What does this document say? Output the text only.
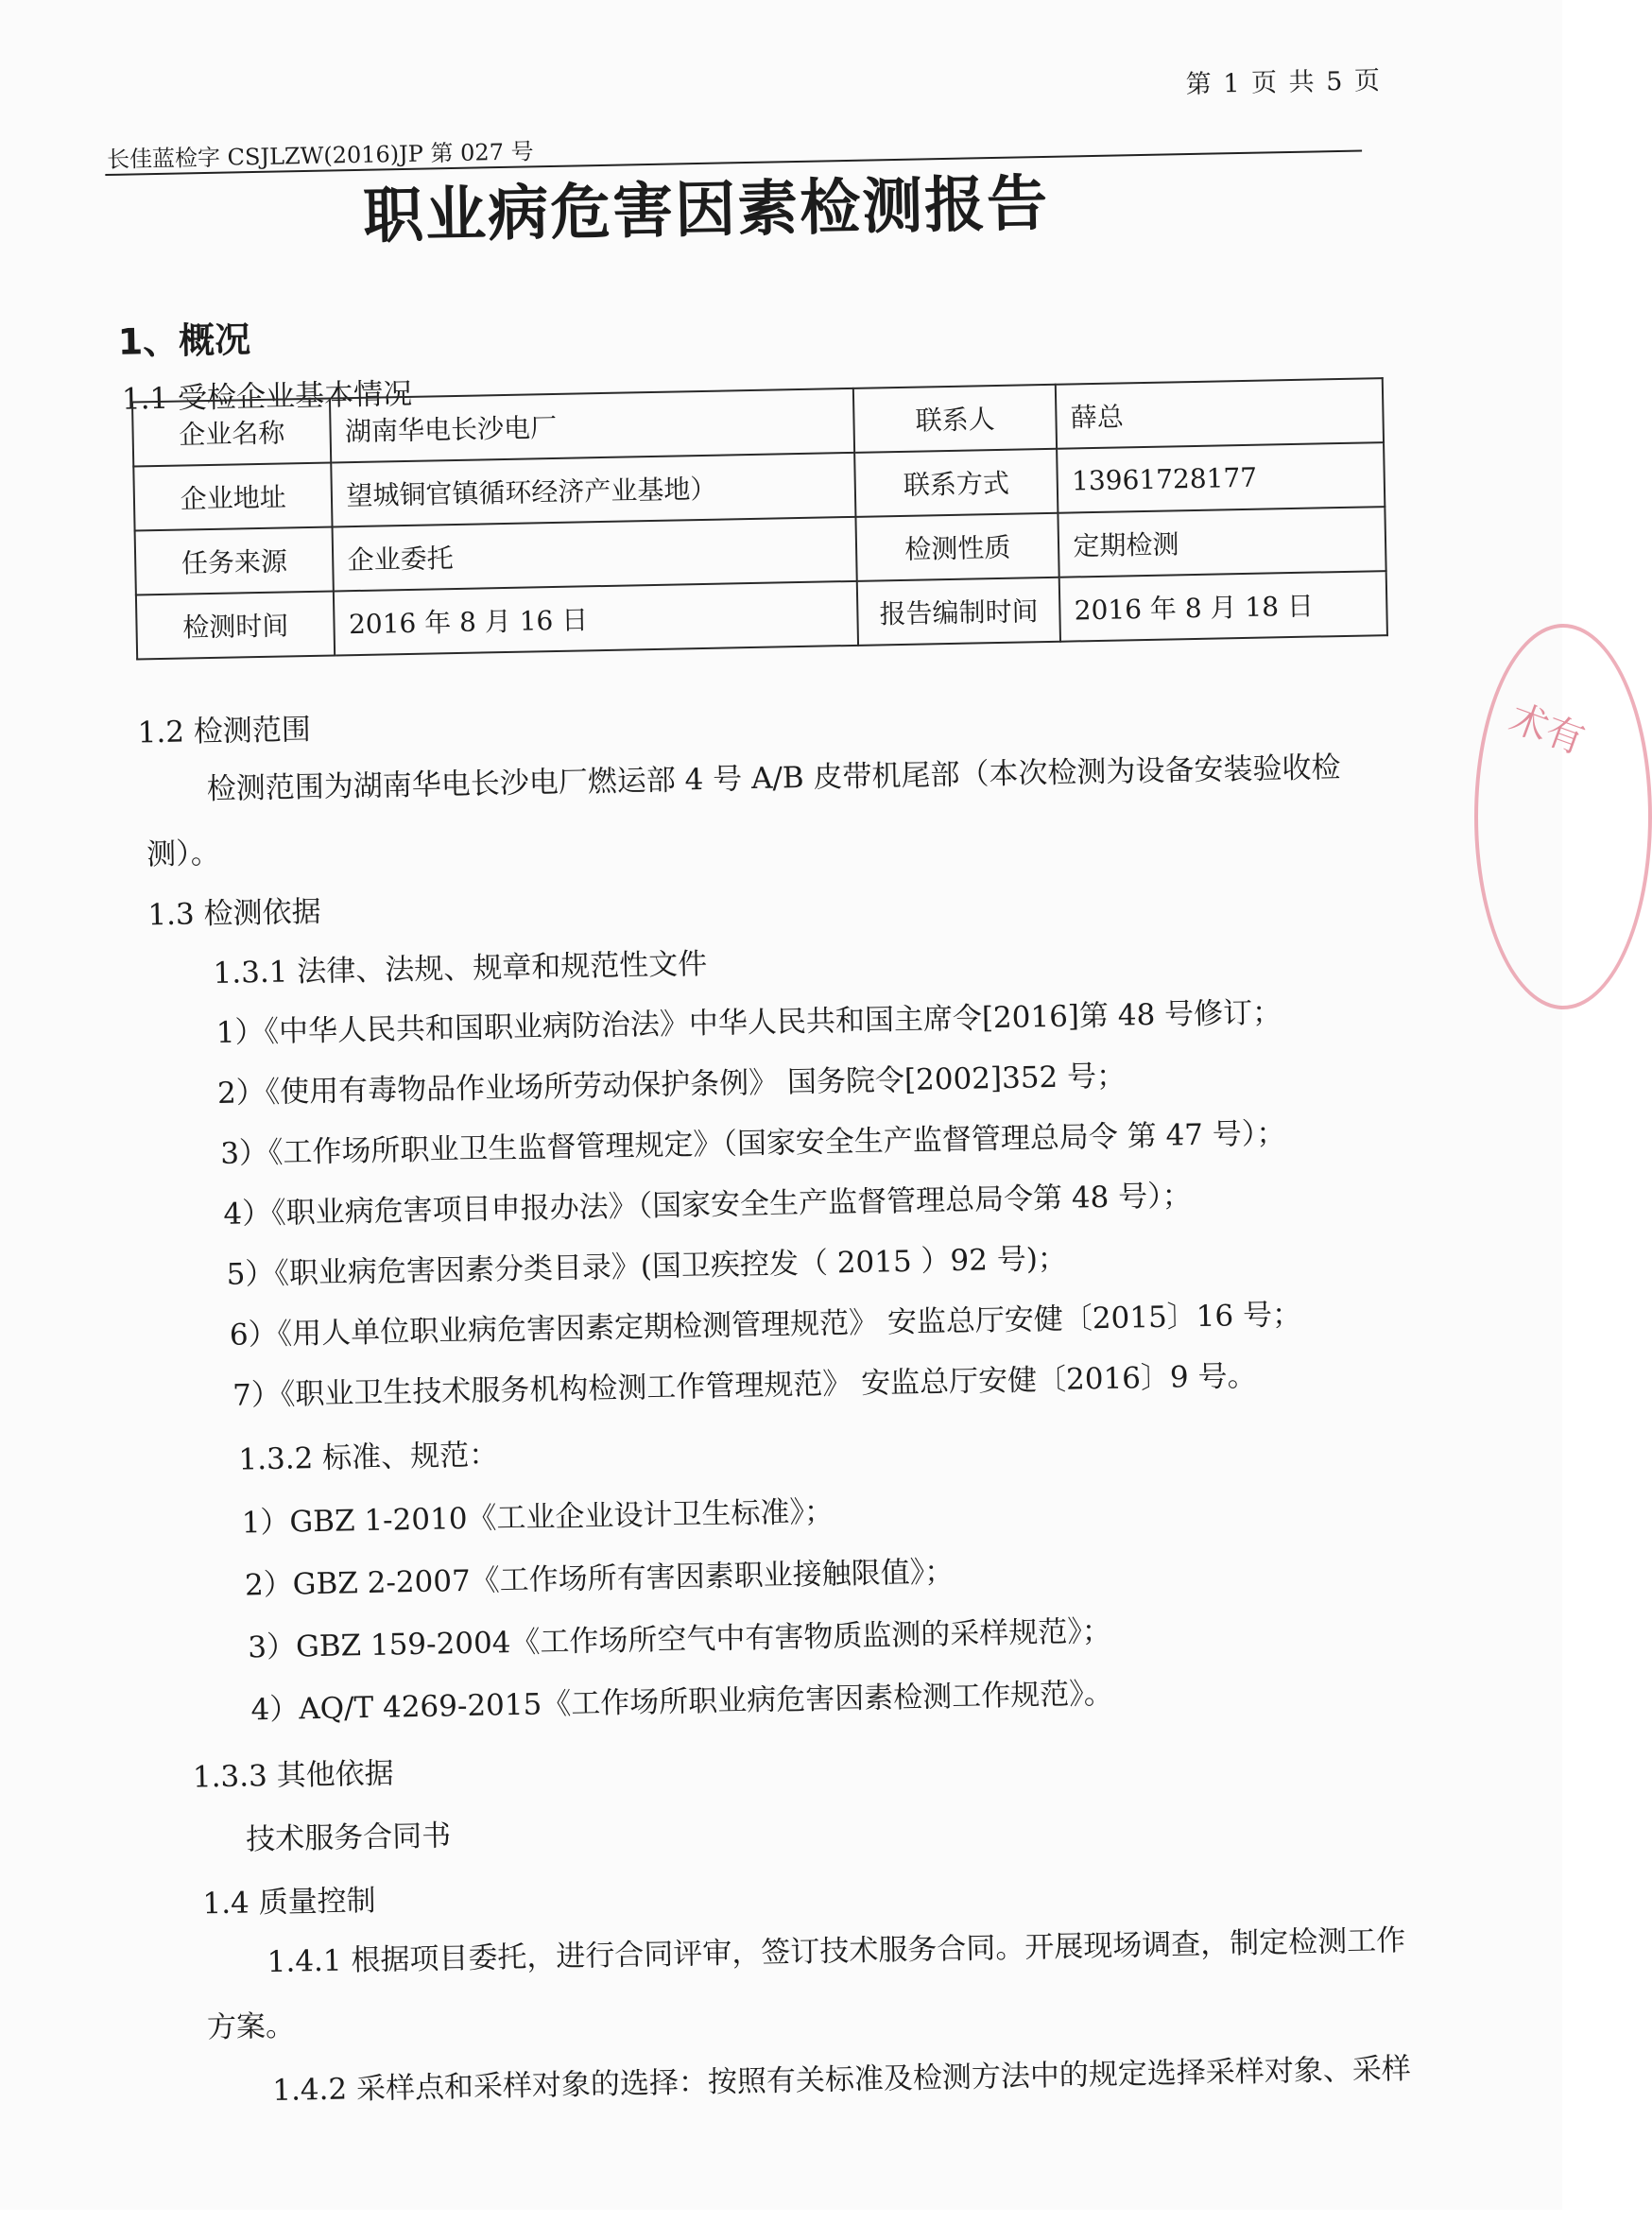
术有
第 1 页 共 5 页
长佳蓝检字 CSJLZW(2016)JP 第 027 号
职业病危害因素检测报告
1、概况
1.1 受检企业基本情况
企业名称	湖南华电长沙电厂	联系人	薛总
企业地址	望城铜官镇循环经济产业基地）	联系方式	13961728177
任务来源	企业委托	检测性质	定期检测
检测时间	2016 年 8 月 16 日	报告编制时间	2016 年 8 月 18 日
1.2 检测范围
检测范围为湖南华电长沙电厂燃运部 4 号 A/B 皮带机尾部（本次检测为设备安装验收检
测）。
1.3 检测依据
1.3.1 法律、法规、规章和规范性文件
1）《中华人民共和国职业病防治法》中华人民共和国主席令[2016]第 48 号修订；
2）《使用有毒物品作业场所劳动保护条例》 国务院令[2002]352 号；
3）《工作场所职业卫生监督管理规定》（国家安全生产监督管理总局令 第 47 号）；
4）《职业病危害项目申报办法》（国家安全生产监督管理总局令第 48 号）；
5）《职业病危害因素分类目录》(国卫疾控发（ 2015 ）92 号)；
6）《用人单位职业病危害因素定期检测管理规范》 安监总厅安健〔2015〕16 号；
7）《职业卫生技术服务机构检测工作管理规范》 安监总厅安健〔2016〕9 号。
1.3.2 标准、规范：
1）GBZ 1-2010《工业企业设计卫生标准》；
2）GBZ 2-2007《工作场所有害因素职业接触限值》；
3）GBZ 159-2004《工作场所空气中有害物质监测的采样规范》；
4）AQ/T 4269-2015《工作场所职业病危害因素检测工作规范》。
1.3.3 其他依据
技术服务合同书
1.4 质量控制
1.4.1 根据项目委托，进行合同评审，签订技术服务合同。开展现场调查，制定检测工作
方案。
1.4.2 采样点和采样对象的选择：按照有关标准及检测方法中的规定选择采样对象、采样
